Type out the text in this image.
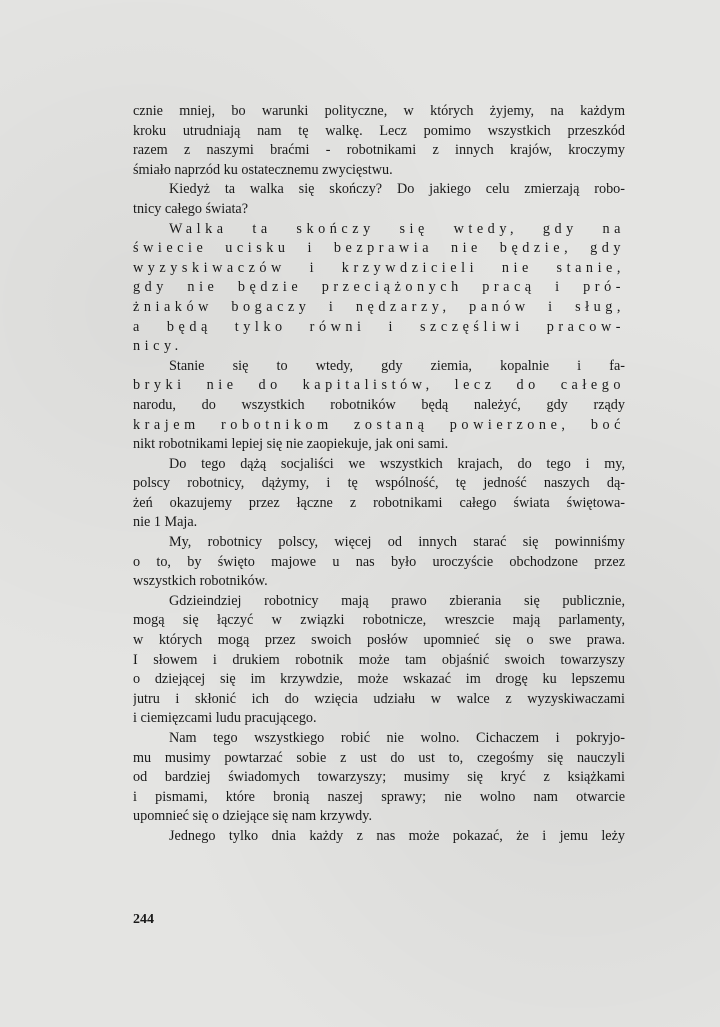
cznie mniej, bo warunki polityczne, w których żyjemy, na każdym
kroku utrudniają nam tę walkę. Lecz pomimo wszystkich przeszkód
razem z naszymi braćmi - robotnikami z innych krajów, kroczymy
śmiało naprzód ku ostatecznemu zwycięstwu.
Kiedyż ta walka się skończy? Do jakiego celu zmierzają robo-
tnicy całego świata?
Walka ta skończy się wtedy, gdy na
świecie ucisku i bezprawia nie będzie, gdy
wyzyskiwaczów i krzywdzicieli nie stanie,
gdy nie będzie przeciążonych pracą i pró-
żniaków bogaczy i nędzarzy, panów i sług,
a będą tylko równi i szczęśliwi pracow-
nicy.
Stanie się to wtedy, gdy ziemia, kopalnie i fa-
bryki nie do kapitalistów, lecz do całego
narodu, do wszystkich robotników będą należyć, gdy rządy
krajem robotnikom zostaną powierzone, boć
nikt robotnikami lepiej się nie zaopiekuje, jak oni sami.
Do tego dążą socjaliści we wszystkich krajach, do tego i my,
polscy robotnicy, dążymy, i tę wspólność, tę jedność naszych dą-
żeń okazujemy przez łączne z robotnikami całego świata świętowa-
nie 1 Maja.
My, robotnicy polscy, więcej od innych starać się powinniśmy
o to, by święto majowe u nas było uroczyście obchodzone przez
wszystkich robotników.
Gdzieindziej robotnicy mają prawo zbierania się publicznie,
mogą się łączyć w związki robotnicze, wreszcie mają parlamenty,
w których mogą przez swoich posłów upomnieć się o swe prawa.
I słowem i drukiem robotnik może tam objaśnić swoich towarzyszy
o dziejącej się im krzywdzie, może wskazać im drogę ku lepszemu
jutru i skłonić ich do wzięcia udziału w walce z wyzyskiwaczami
i ciemięzcami ludu pracującego.
Nam tego wszystkiego robić nie wolno. Cichaczem i pokryjo-
mu musimy powtarzać sobie z ust do ust to, czegośmy się nauczyli
od bardziej świadomych towarzyszy; musimy się kryć z książkami
i pismami, które bronią naszej sprawy; nie wolno nam otwarcie
upomnieć się o dziejące się nam krzywdy.
Jednego tylko dnia każdy z nas może pokazać, że i jemu leży
244
